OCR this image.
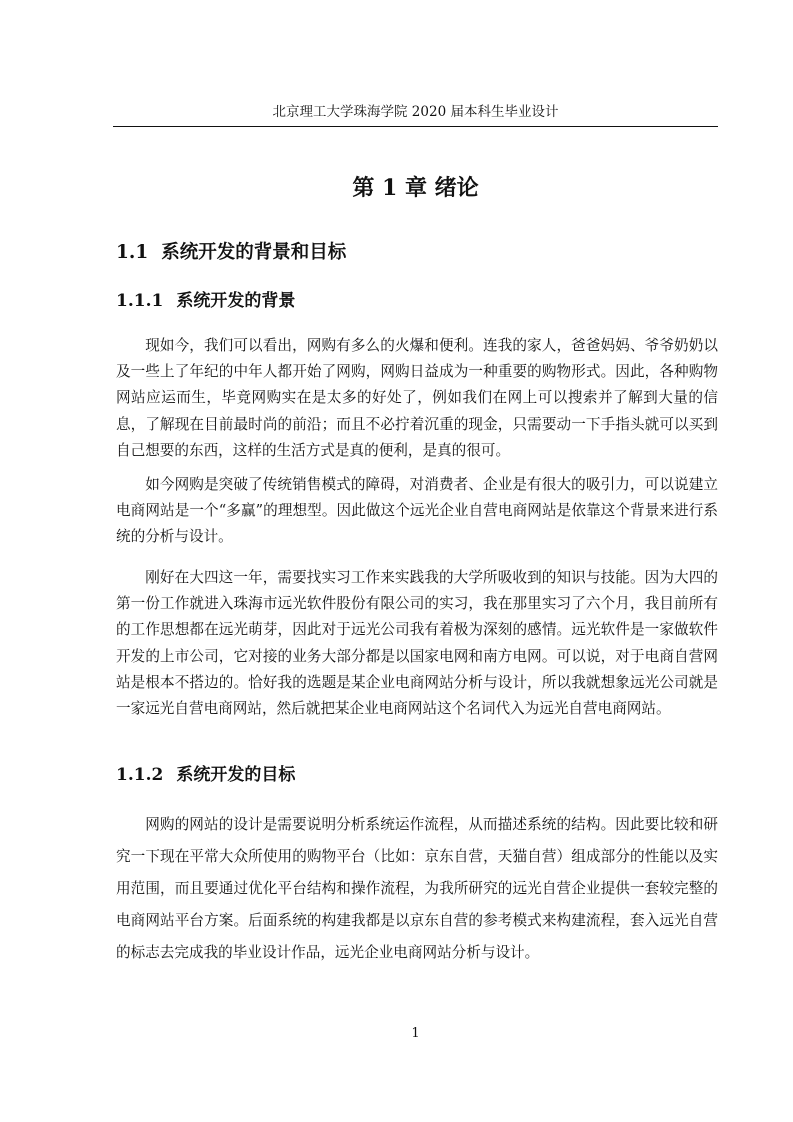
北京理工大学珠海学院 2020 届本科生毕业设计
第 1 章 绪论
1.1 系统开发的背景和目标
1.1.1 系统开发的背景

现如今，我们可以看出，网购有多么的火爆和便利。连我的家人，爸爸妈妈、爷爷奶奶以及一些上了年纪的中年人都开始了网购，网购日益成为一种重要的购物形式。因此，各种购物网站应运而生，毕竟网购实在是太多的好处了，例如我们在网上可以搜索并了解到大量的信息，了解现在目前最时尚的前沿；而且不必拧着沉重的现金，只需要动一下手指头就可以买到自己想要的东西，这样的生活方式是真的便利，是真的很可。

如今网购是突破了传统销售模式的障碍，对消费者、企业是有很大的吸引力，可以说建立电商网站是一个“多赢”的理想型。因此做这个远光企业自营电商网站是依靠这个背景来进行系统的分析与设计。

刚好在大四这一年，需要找实习工作来实践我的大学所吸收到的知识与技能。因为大四的第一份工作就进入珠海市远光软件股份有限公司的实习，我在那里实习了六个月，我目前所有的工作思想都在远光萌芽，因此对于远光公司我有着极为深刻的感情。远光软件是一家做软件开发的上市公司，它对接的业务大部分都是以国家电网和南方电网。可以说，对于电商自营网站是根本不搭边的。恰好我的选题是某企业电商网站分析与设计，所以我就想象远光公司就是一家远光自营电商网站，然后就把某企业电商网站这个名词代入为远光自营电商网站。

1.1.2 系统开发的目标

网购的网站的设计是需要说明分析系统运作流程，从而描述系统的结构。因此要比较和研究一下现在平常大众所使用的购物平台（比如：京东自营，天猫自营）组成部分的性能以及实用范围，而且要通过优化平台结构和操作流程，为我所研究的远光自营企业提供一套较完整的电商网站平台方案。后面系统的构建我都是以京东自营的参考模式来构建流程，套入远光自营的标志去完成我的毕业设计作品，远光企业电商网站分析与设计。

1
